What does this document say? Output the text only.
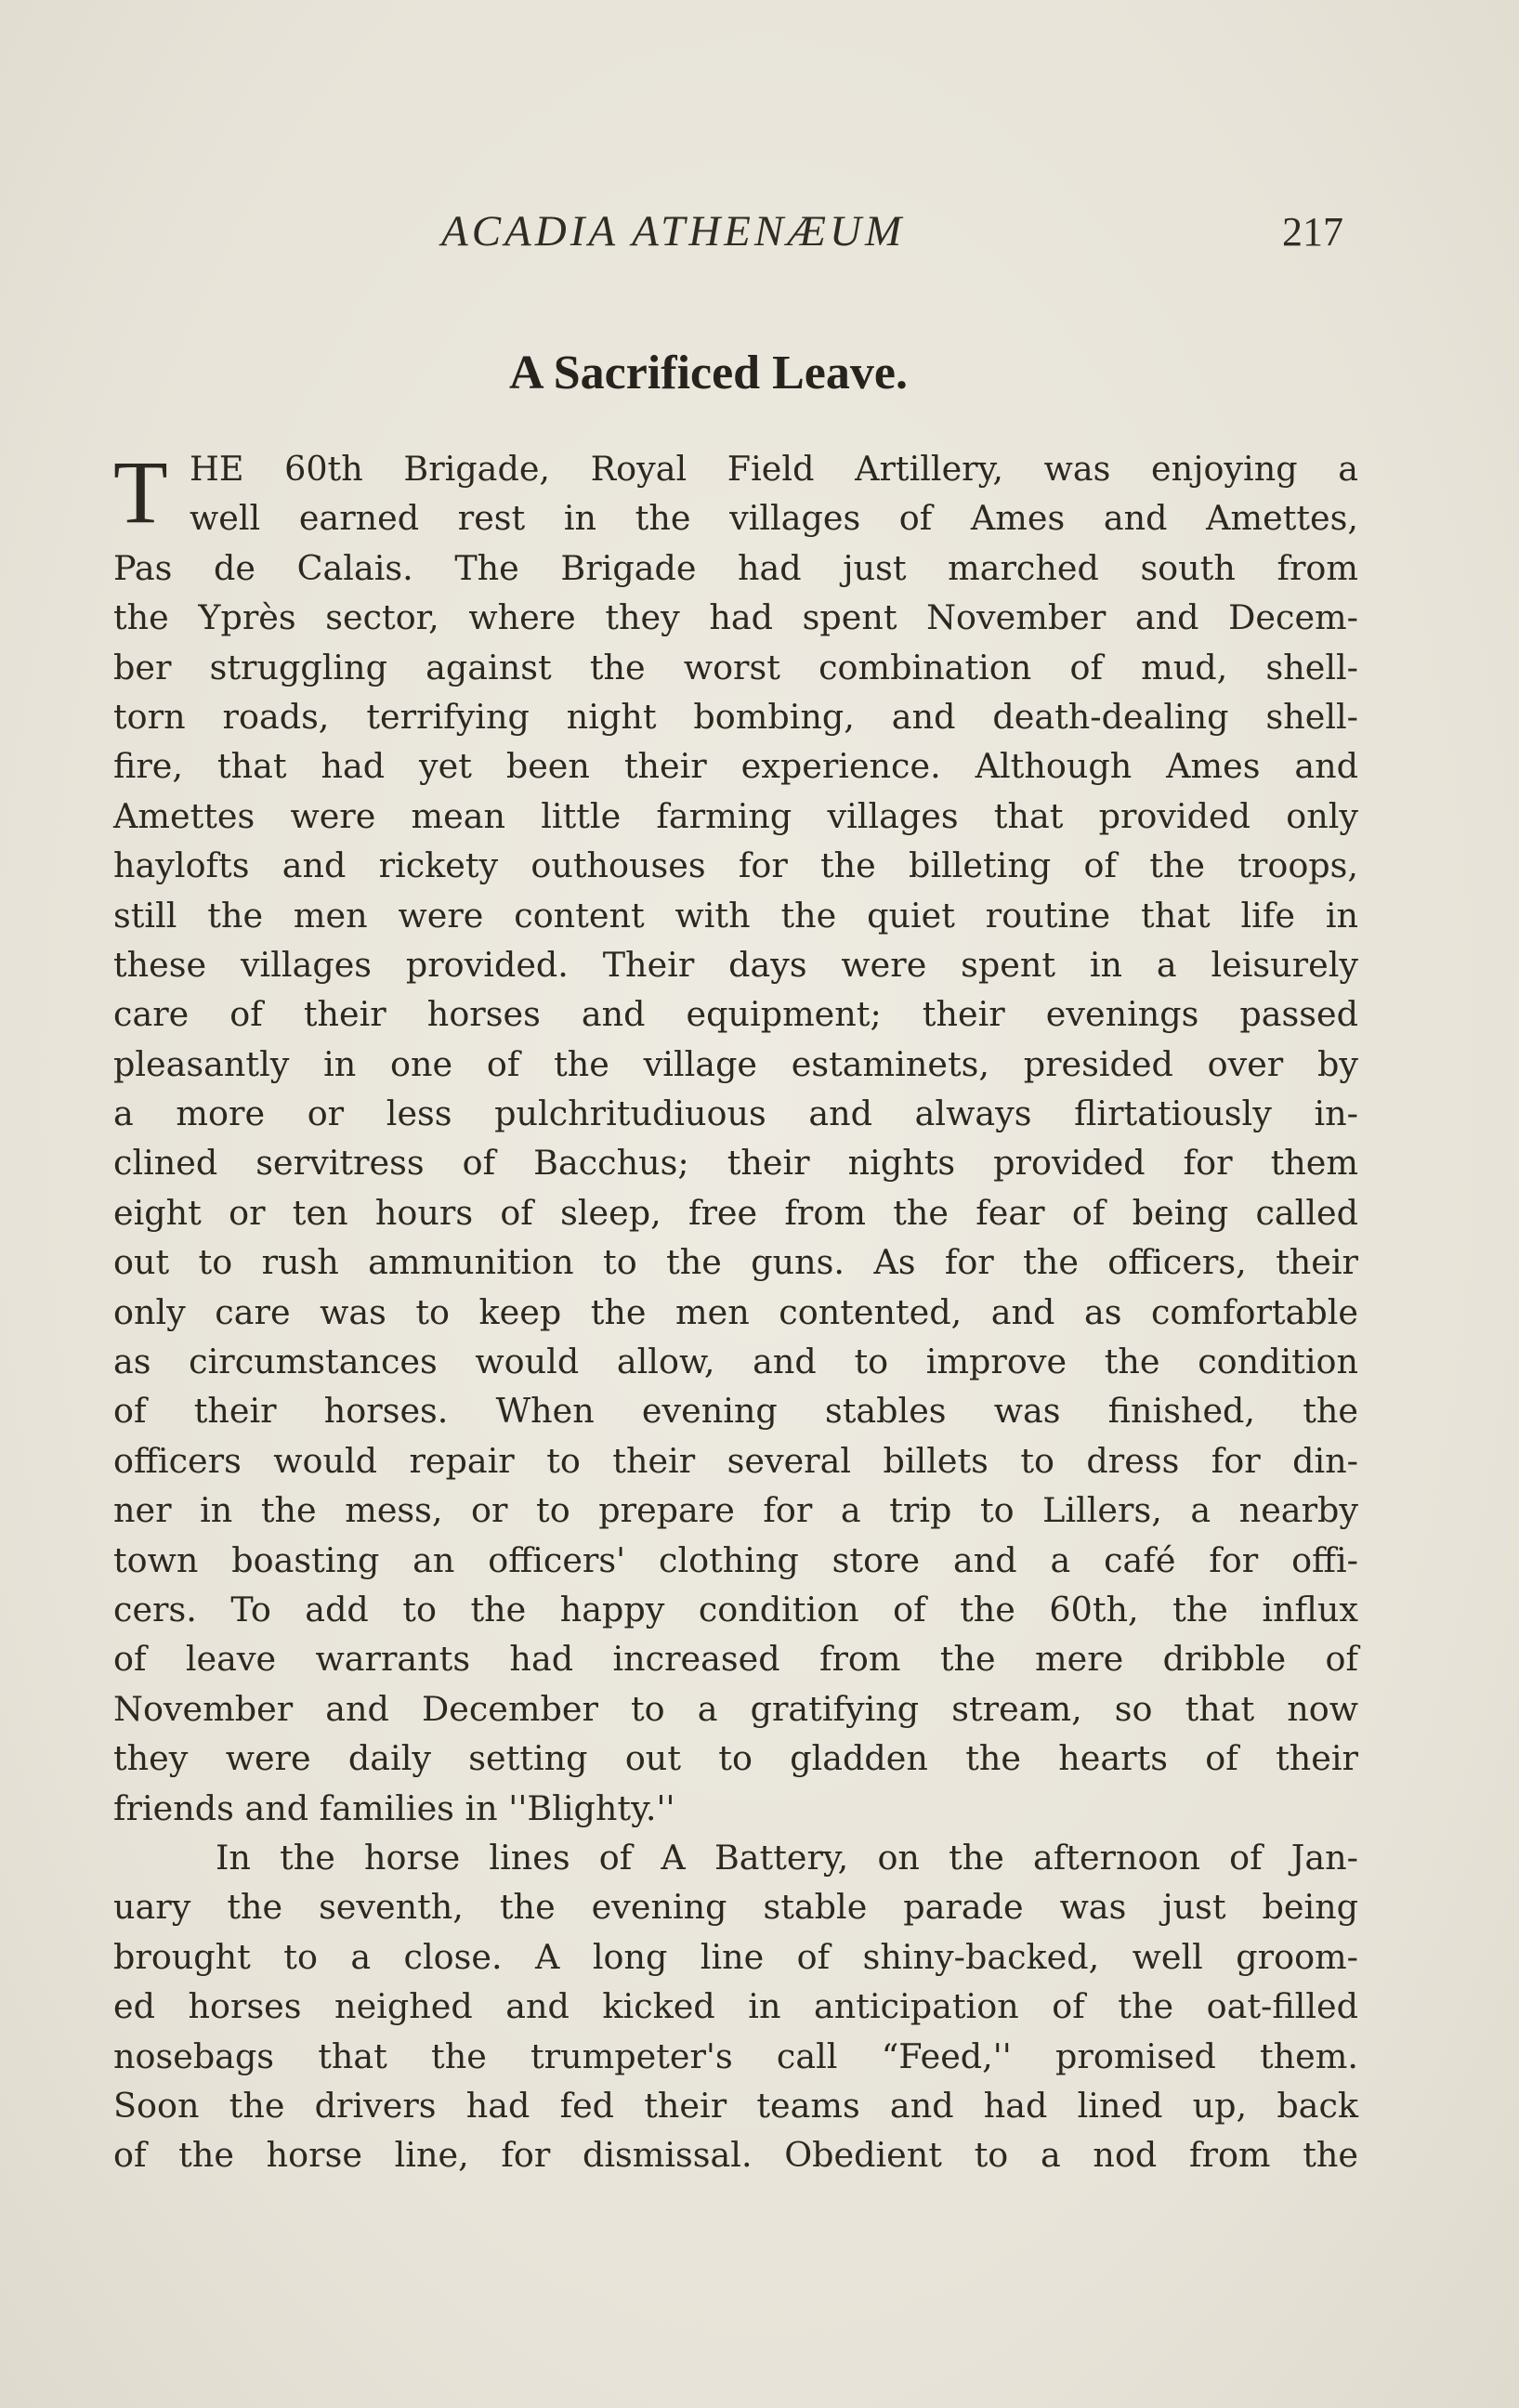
ACADIA ATHENÆUM	217
A Sacrificed Leave.
T HE 60th Brigade, Royal Field Artillery, was enjoying a
well earned rest in the villages of Ames and Amettes,
Pas de Calais. The Brigade had just marched south from
the Yprès sector, where they had spent November and Decem-
ber struggling against the worst combination of mud, shell-
torn roads, terrifying night bombing, and death-dealing shell-
fire, that had yet been their experience. Although Ames and
Amettes were mean little farming villages that provided only
haylofts and rickety outhouses for the billeting of the troops,
still the men were content with the quiet routine that life in
these villages provided. Their days were spent in a leisurely
care of their horses and equipment; their evenings passed
pleasantly in one of the village estaminets, presided over by
a more or less pulchritudiuous and always flirtatiously in-
clined servitress of Bacchus; their nights provided for them
eight or ten hours of sleep, free from the fear of being called
out to rush ammunition to the guns. As for the officers, their
only care was to keep the men contented, and as comfortable
as circumstances would allow, and to improve the condition
of their horses. When evening stables was finished, the
officers would repair to their several billets to dress for din-
ner in the mess, or to prepare for a trip to Lillers, a nearby
town boasting an officers' clothing store and a café for offi-
cers. To add to the happy condition of the 60th, the influx
of leave warrants had increased from the mere dribble of
November and December to a gratifying stream, so that now
they were daily setting out to gladden the hearts of their
friends and families in ''Blighty.''
In the horse lines of A Battery, on the afternoon of Jan-
uary the seventh, the evening stable parade was just being
brought to a close. A long line of shiny-backed, well groom-
ed horses neighed and kicked in anticipation of the oat-filled
nosebags that the trumpeter's call “Feed,'' promised them.
Soon the drivers had fed their teams and had lined up, back
of the horse line, for dismissal. Obedient to a nod from the
